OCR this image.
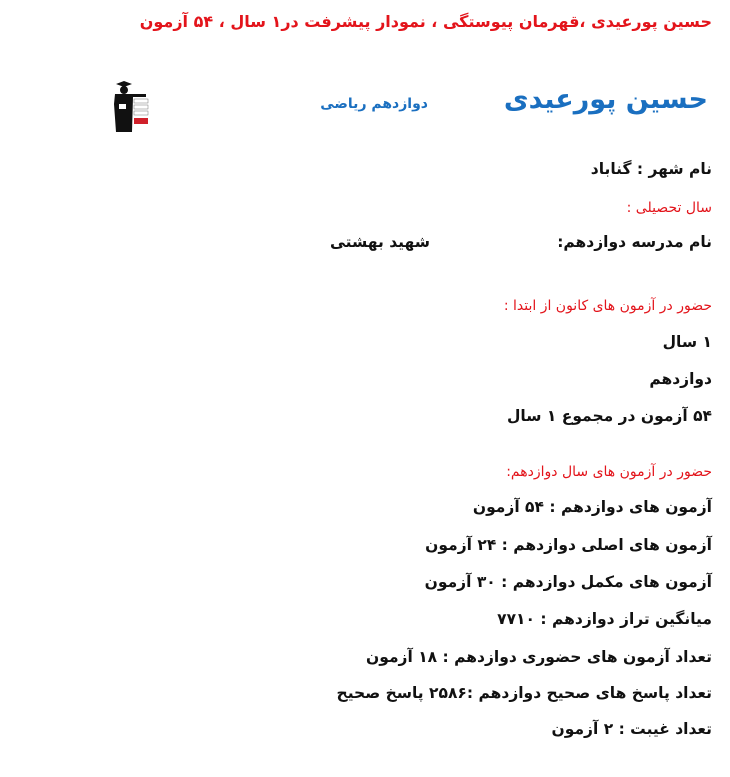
حسین پورعیدی ،قهرمان پیوستگی ، نمودار پیشرفت در۱ سال ، ۵۴ آزمون
حسین پورعیدی
دوازدهم ریاضی
نام شهر : گناباد
سال تحصیلی :
نام مدرسه دوازدهم:
شهید بهشتی
حضور در آزمون های کانون از ابتدا :
۱ سال
دوازدهم
۵۴ آزمون در مجموع ۱ سال
حضور در آزمون های سال دوازدهم:
آزمون های دوازدهم : ۵۴ آزمون
آزمون های اصلی دوازدهم : ۲۴ آزمون
آزمون های مکمل دوازدهم : ۳۰ آزمون
میانگین تراز دوازدهم : ۷۷۱۰
تعداد آزمون های حضوری دوازدهم : ۱۸ آزمون
تعداد پاسخ های صحیح دوازدهم :۲۵۸۶ پاسخ صحیح
تعداد غیبت : ۲ آزمون
